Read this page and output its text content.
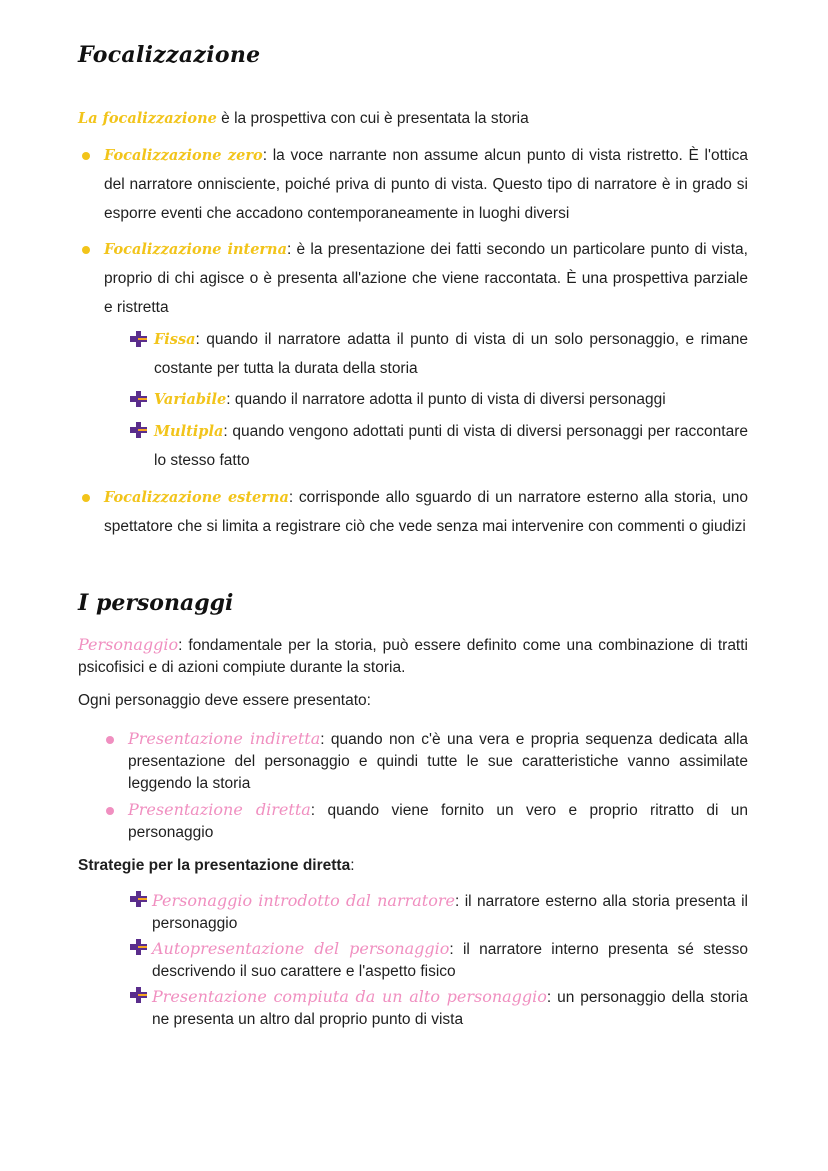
Focalizzazione
La focalizzazione è la prospettiva con cui è presentata la storia
Focalizzazione zero: la voce narrante non assume alcun punto di vista ristretto. È l'ottica del narratore onnisciente, poiché priva di punto di vista. Questo tipo di narratore è in grado si esporre eventi che accadono contemporaneamente in luoghi diversi
Focalizzazione interna: è la presentazione dei fatti secondo un particolare punto di vista, proprio di chi agisce o è presenta all'azione che viene raccontata. È una prospettiva parziale e ristretta
Fissa: quando il narratore adatta il punto di vista di un solo personaggio, e rimane costante per tutta la durata della storia
Variabile: quando il narratore adotta il punto di vista di diversi personaggi
Multipla: quando vengono adottati punti di vista di diversi personaggi per raccontare lo stesso fatto
Focalizzazione esterna: corrisponde allo sguardo di un narratore esterno alla storia, uno spettatore che si limita a registrare ciò che vede senza mai intervenire con commenti o giudizi
I personaggi
Personaggio: fondamentale per la storia, può essere definito come una combinazione di tratti psicofisici e di azioni compiute durante la storia.
Ogni personaggio deve essere presentato:
Presentazione indiretta: quando non c'è una vera e propria sequenza dedicata alla presentazione del personaggio e quindi tutte le sue caratteristiche vanno assimilate leggendo la storia
Presentazione diretta: quando viene fornito un vero e proprio ritratto di un personaggio
Strategie per la presentazione diretta:
Personaggio introdotto dal narratore: il narratore esterno alla storia presenta il personaggio
Autopresentazione del personaggio: il narratore interno presenta sé stesso descrivendo il suo carattere e l'aspetto fisico
Presentazione compiuta da un alto personaggio: un personaggio della storia ne presenta un altro dal proprio punto di vista
